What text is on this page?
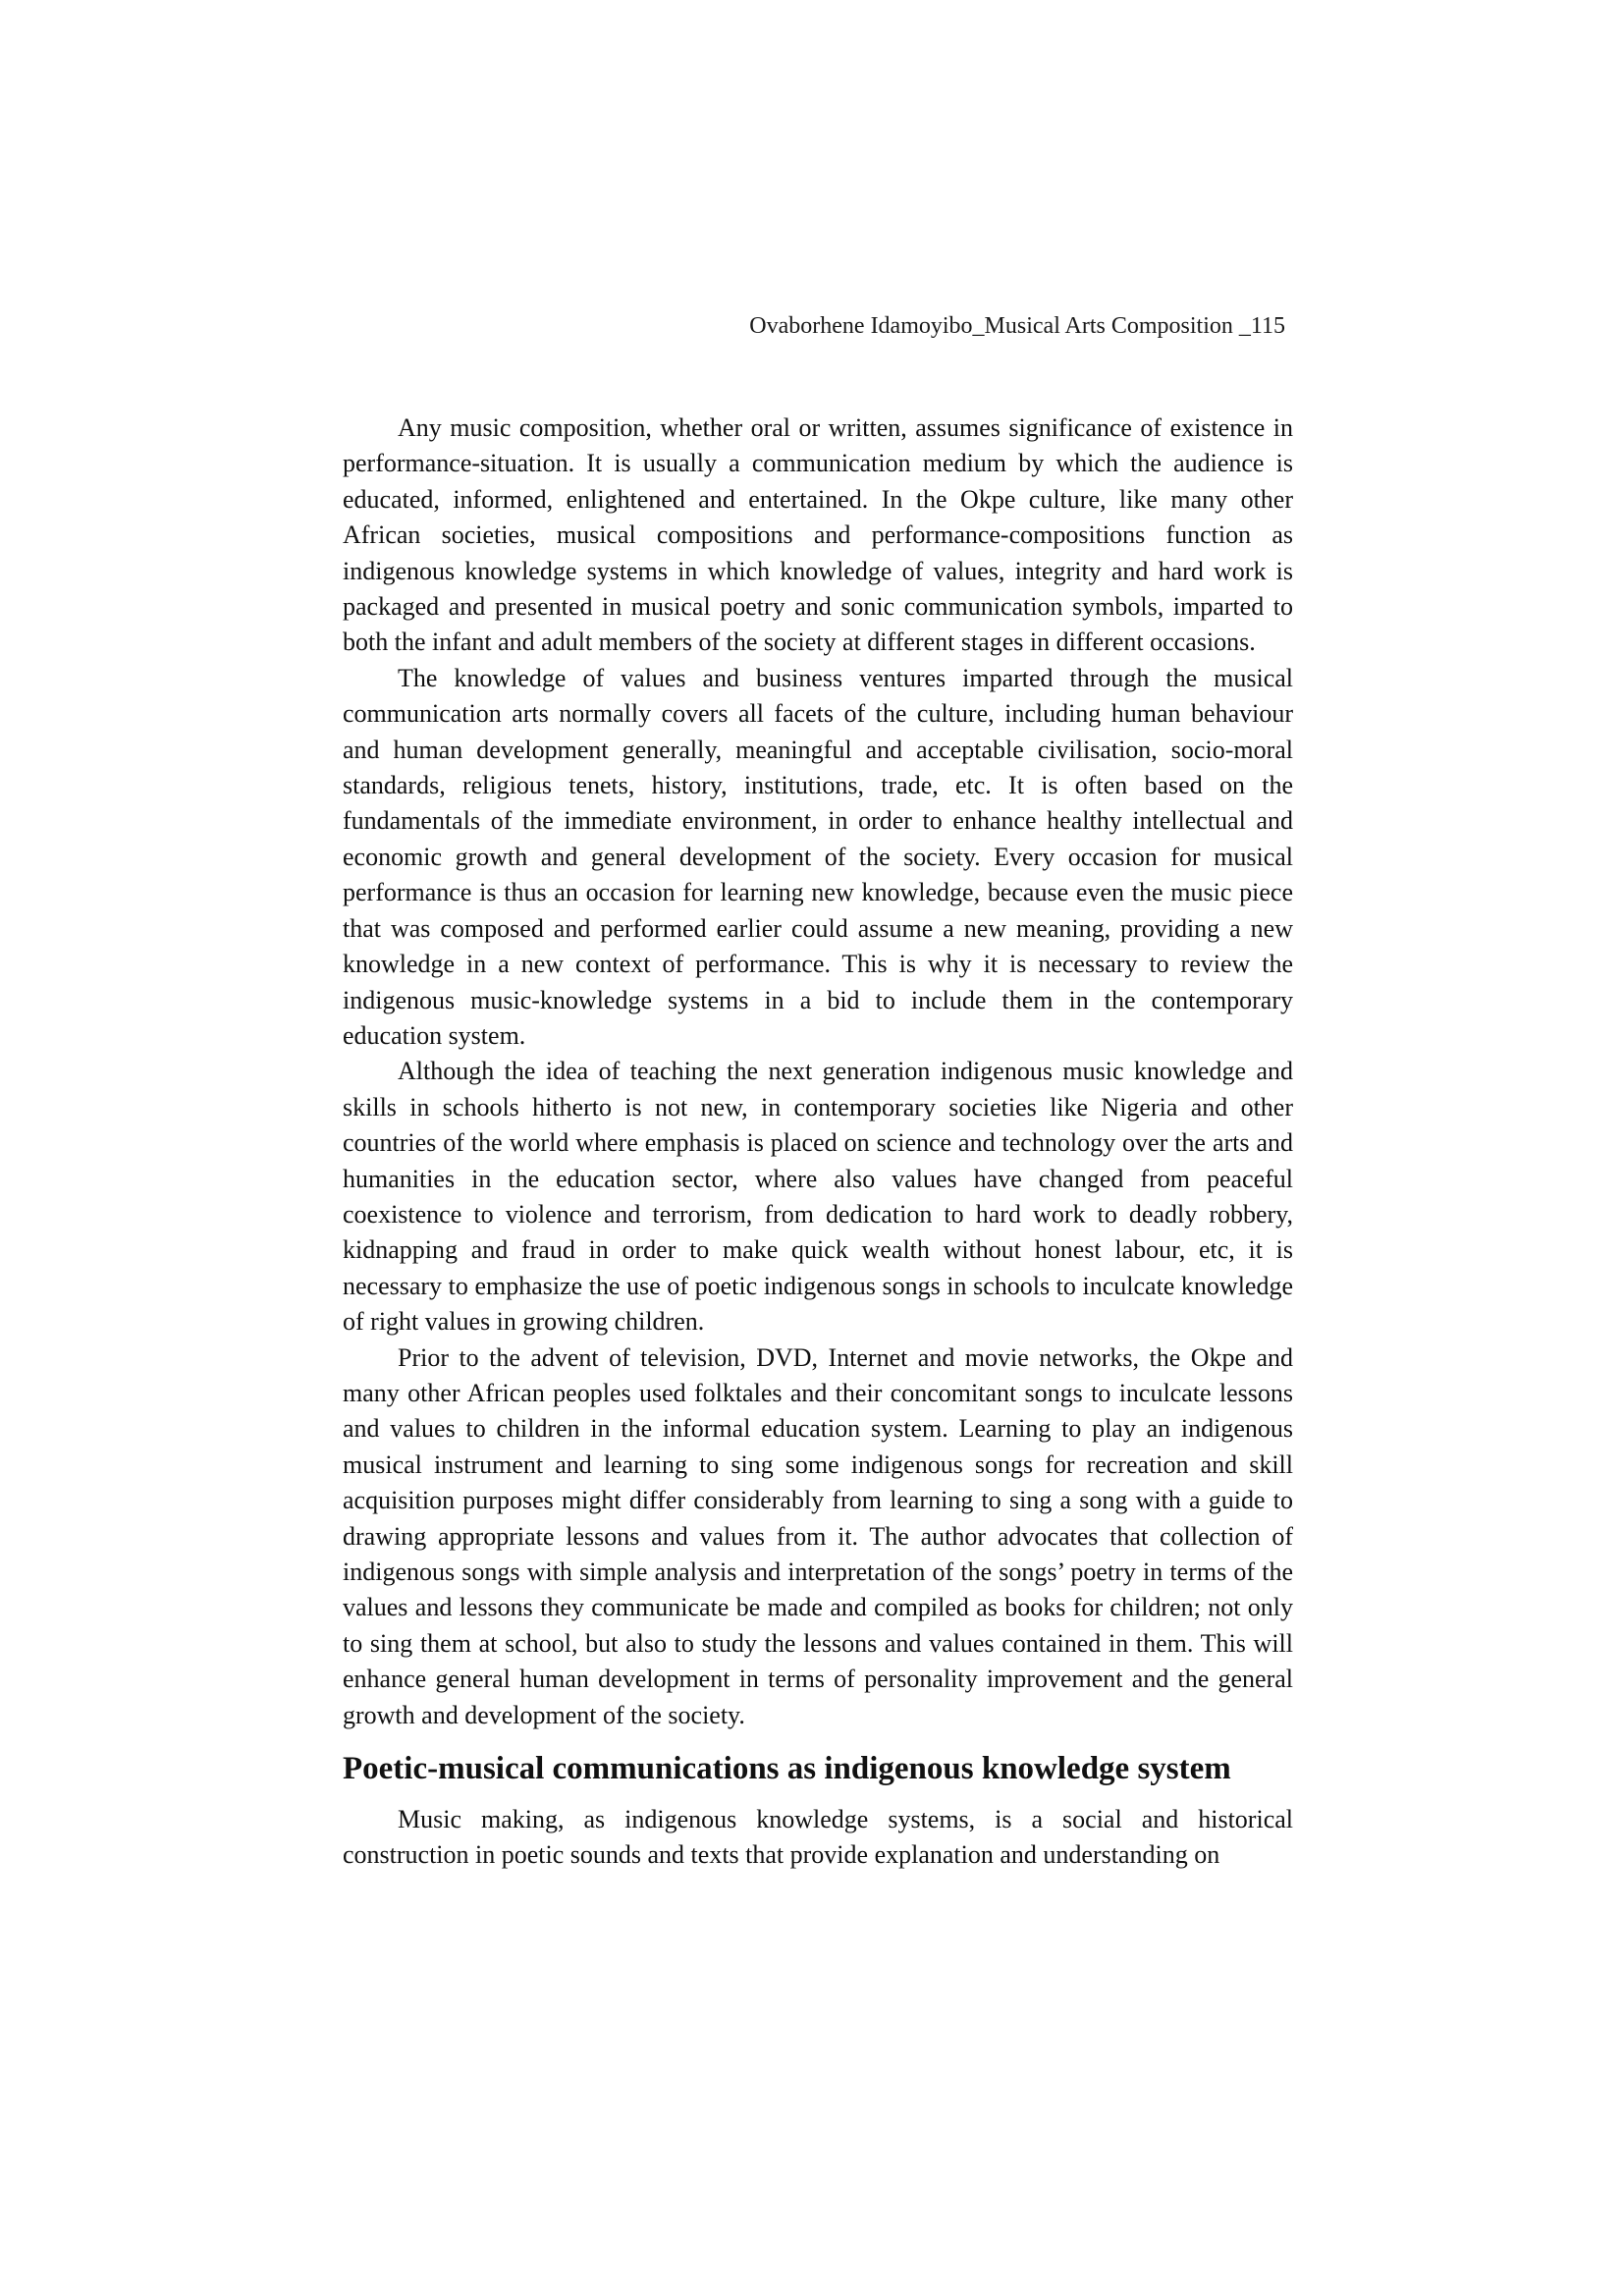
Ovaborhene Idamoyibo_Musical Arts Composition _115

Any music composition, whether oral or written, assumes significance of existence in performance-situation. It is usually a communication medium by which the audience is educated, informed, enlightened and entertained. In the Okpe culture, like many other African societies, musical compositions and performance-compositions function as indigenous knowledge systems in which knowledge of values, integrity and hard work is packaged and presented in musical poetry and sonic communication symbols, imparted to both the infant and adult members of the society at different stages in different occasions.

The knowledge of values and business ventures imparted through the musical communication arts normally covers all facets of the culture, including human behaviour and human development generally, meaningful and acceptable civilisation, socio-moral standards, religious tenets, history, institutions, trade, etc. It is often based on the fundamentals of the immediate environment, in order to enhance healthy intellectual and economic growth and general development of the society. Every occasion for musical performance is thus an occasion for learning new knowledge, because even the music piece that was composed and performed earlier could assume a new meaning, providing a new knowledge in a new context of performance. This is why it is necessary to review the indigenous music-knowledge systems in a bid to include them in the contemporary education system.

Although the idea of teaching the next generation indigenous music knowledge and skills in schools hitherto is not new, in contemporary societies like Nigeria and other countries of the world where emphasis is placed on science and technology over the arts and humanities in the education sector, where also values have changed from peaceful coexistence to violence and terrorism, from dedication to hard work to deadly robbery, kidnapping and fraud in order to make quick wealth without honest labour, etc, it is necessary to emphasize the use of poetic indigenous songs in schools to inculcate knowledge of right values in growing children.

Prior to the advent of television, DVD, Internet and movie networks, the Okpe and many other African peoples used folktales and their concomitant songs to inculcate lessons and values to children in the informal education system. Learning to play an indigenous musical instrument and learning to sing some indigenous songs for recreation and skill acquisition purposes might differ considerably from learning to sing a song with a guide to drawing appropriate lessons and values from it. The author advocates that collection of indigenous songs with simple analysis and interpretation of the songs’ poetry in terms of the values and lessons they communicate be made and compiled as books for children; not only to sing them at school, but also to study the lessons and values contained in them. This will enhance general human development in terms of personality improvement and the general growth and development of the society.

Poetic-musical communications as indigenous knowledge system

Music making, as indigenous knowledge systems, is a social and historical construction in poetic sounds and texts that provide explanation and understanding on
